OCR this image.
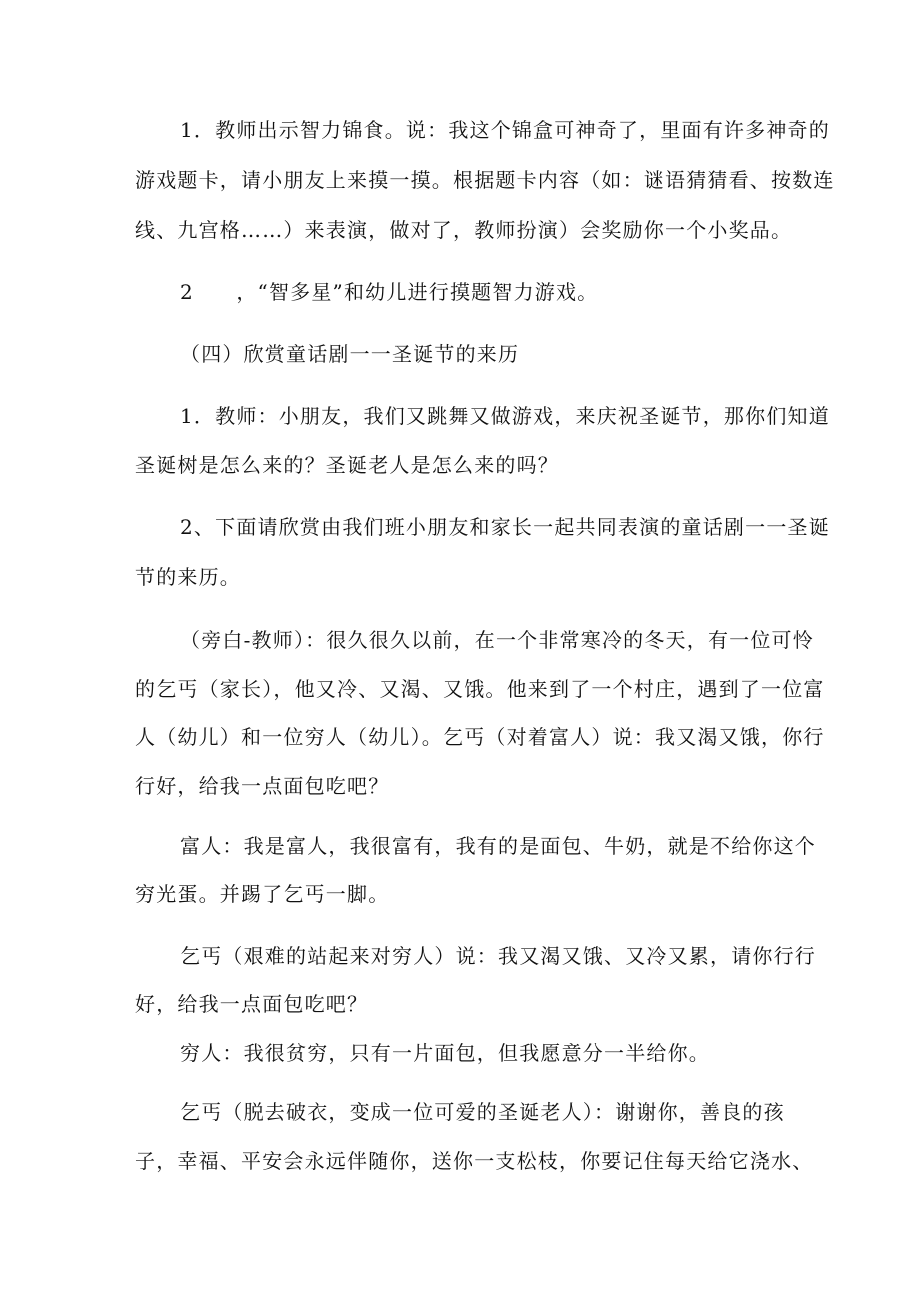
1．教师出示智力锦食。说：我这个锦盒可神奇了，里面有许多神奇的
游戏题卡，请小朋友上来摸一摸。根据题卡内容（如：谜语猜猜看、按数连
线、九宫格……）来表演，做对了，教师扮演）会奖励你一个小奖品。
2　　，“智多星”和幼儿进行摸题智力游戏。
（四）欣赏童话剧一一圣诞节的来历
1．教师：小朋友，我们又跳舞又做游戏，来庆祝圣诞节，那你们知道
圣诞树是怎么来的？圣诞老人是怎么来的吗？
2、下面请欣赏由我们班小朋友和家长一起共同表演的童话剧一一圣诞
节的来历。
（旁白-教师）：很久很久以前，在一个非常寒冷的冬天，有一位可怜
的乞丐（家长），他又冷、又渴、又饿。他来到了一个村庄，遇到了一位富
人（幼儿）和一位穷人（幼儿）。乞丐（对着富人）说：我又渴又饿，你行
行好，给我一点面包吃吧？
富人：我是富人，我很富有，我有的是面包、牛奶，就是不给你这个
穷光蛋。并踢了乞丐一脚。
乞丐（艰难的站起来对穷人）说：我又渴又饿、又冷又累，请你行行
好，给我一点面包吃吧？
穷人：我很贫穷，只有一片面包，但我愿意分一半给你。
乞丐（脱去破衣，变成一位可爱的圣诞老人）：谢谢你，善良的孩
子，幸福、平安会永远伴随你，送你一支松枝，你要记住每天给它浇水、
